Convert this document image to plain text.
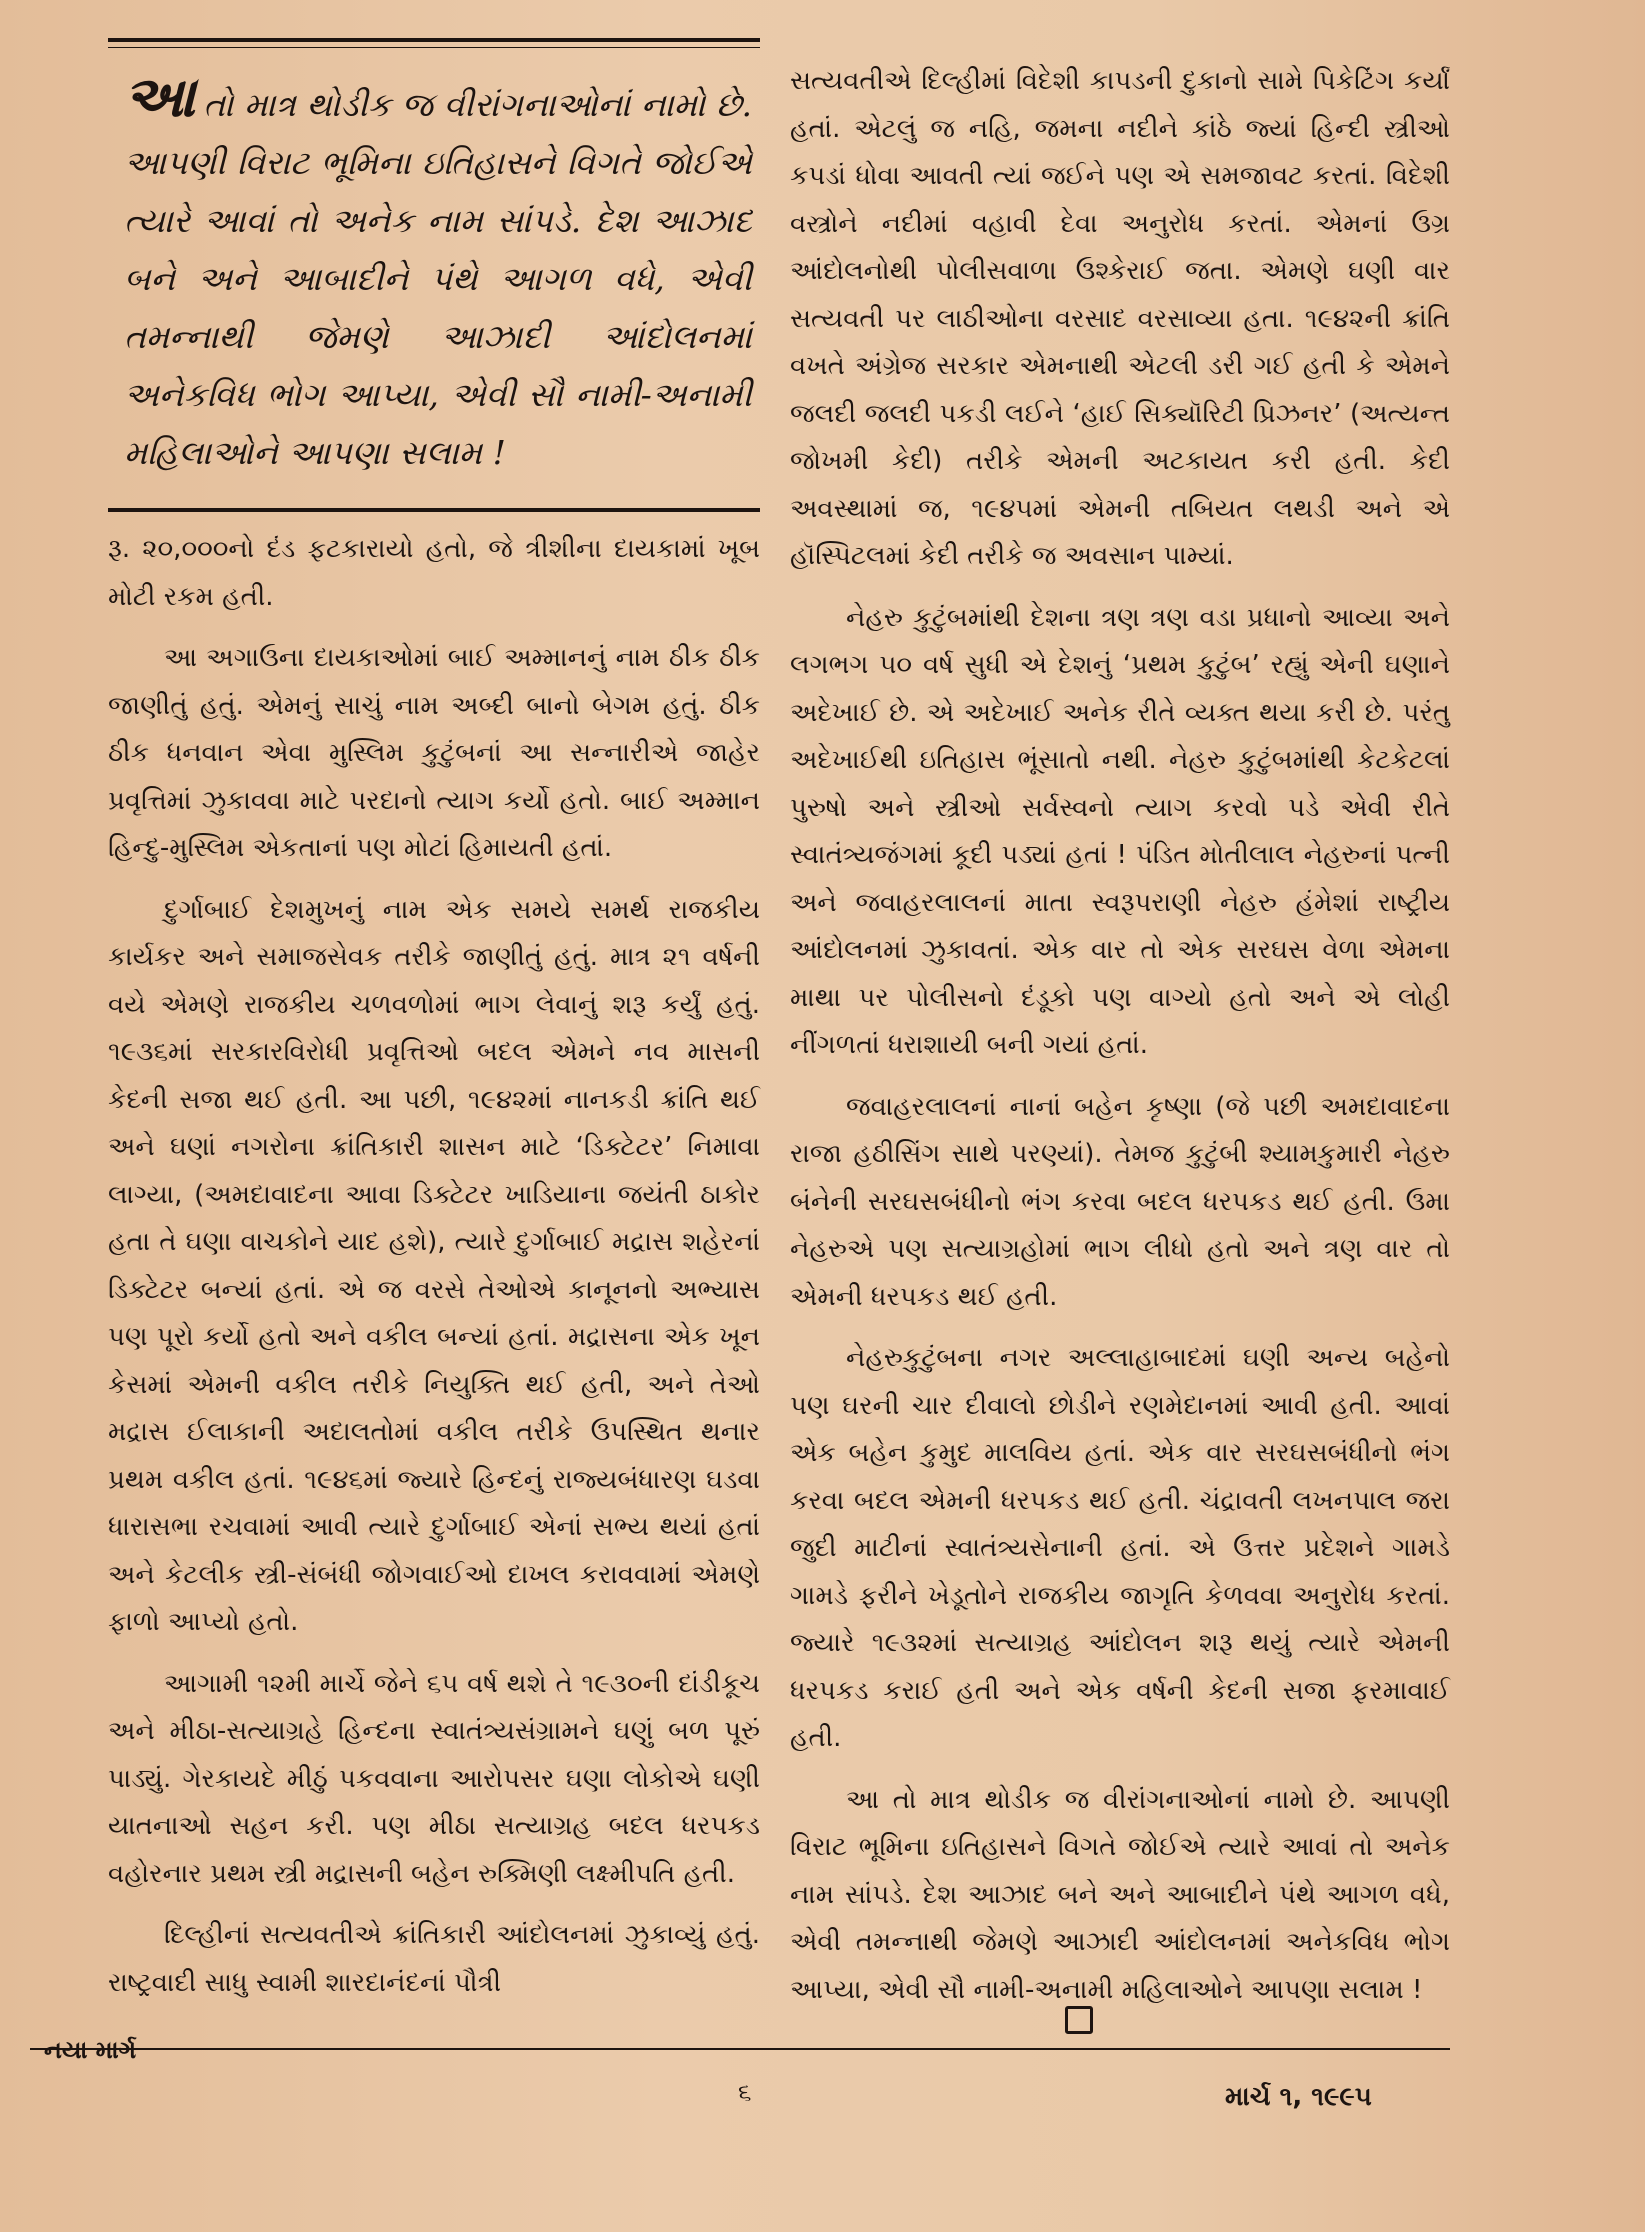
આતો માત્ર થોડીક જ વીરાંગનાઓનાં નામો છે. આપણી વિરાટ ભૂમિના ઇતિહાસને વિગતે જોઈએ ત્યારે આવાં તો અનેક નામ સાંપડે. દેશ આઝાદ બને અને આબાદીને પંથે આગળ વધે, એવી તમન્નાથી જેમણે આઝાદી આંદોલનમાં અનેકવિધ ભોગ આપ્યા, એવી સૌ નામી-અનામી મહિલાઓને આપણા સલામ !

રૂ. ૨૦,૦૦૦નો દંડ ફટકારાયો હતો, જે ત્રીશીના દાયકામાં ખૂબ મોટી રકમ હતી.

આ અગાઉના દાયકાઓમાં બાઈ અમ્માનનું નામ ઠીક ઠીક જાણીતું હતું. એમનું સાચું નામ અબ્દી બાનો બેગમ હતું. ઠીક ઠીક ધનવાન એવા મુસ્લિમ કુટુંબનાં આ સન્નારીએ જાહેર પ્રવૃત્તિમાં ઝુકાવવા માટે પરદાનો ત્યાગ કર્યો હતો. બાઈ અમ્માન હિન્દુ-મુસ્લિમ એકતાનાં પણ મોટાં હિમાયતી હતાં.

દુર્ગાબાઈ દેશમુખનું નામ એક સમયે સમર્થ રાજકીય કાર્યકર અને સમાજસેવક તરીકે જાણીતું હતું. માત્ર ૨૧ વર્ષની વયે એમણે રાજકીય ચળવળોમાં ભાગ લેવાનું શરૂ કર્યું હતું. ૧૯૩૬માં સરકારવિરોધી પ્રવૃત્તિઓ બદલ એમને નવ માસની કેદની સજા થઈ હતી. આ પછી, ૧૯૪૨માં નાનકડી ક્રાંતિ થઈ અને ઘણાં નગરોના ક્રાંતિકારી શાસન માટે ‘ડિક્ટેટર’ નિમાવા લાગ્યા, (અમદાવાદના આવા ડિક્ટેટર ખાડિયાના જયંતી ઠાકોર હતા તે ઘણા વાચકોને યાદ હશે), ત્યારે દુર્ગાબાઈ મદ્રાસ શહેરનાં ડિક્ટેટર બન્યાં હતાં. એ જ વરસે તેઓએ કાનૂનનો અભ્યાસ પણ પૂરો કર્યો હતો અને વકીલ બન્યાં હતાં. મદ્રાસના એક ખૂન કેસમાં એમની વકીલ તરીકે નિયુક્તિ થઈ હતી, અને તેઓ મદ્રાસ ઈલાકાની અદાલતોમાં વકીલ તરીકે ઉપસ્થિત થનાર પ્રથમ વકીલ હતાં. ૧૯૪૬માં જ્યારે હિન્દનું રાજ્યબંધારણ ઘડવા ધારાસભા રચવામાં આવી ત્યારે દુર્ગાબાઈ એનાં સભ્ય થયાં હતાં અને કેટલીક સ્ત્રી-સંબંધી જોગવાઈઓ દાખલ કરાવવામાં એમણે ફાળો આપ્યો હતો.

આગામી ૧૨મી માર્ચે જેને ૬૫ વર્ષ થશે તે ૧૯૩૦ની દાંડીકૂચ અને મીઠા-સત્યાગ્રહે હિન્દના સ્વાતંત્ર્યસંગ્રામને ઘણું બળ પૂરું પાડ્યું. ગેરકાયદે મીઠું પકવવાના આરોપસર ઘણા લોકોએ ઘણી યાતનાઓ સહન કરી. પણ મીઠા સત્યાગ્રહ બદલ ધરપકડ વહોરનાર પ્રથમ સ્ત્રી મદ્રાસની બહેન રુક્મિણી લક્ષ્મીપતિ હતી.

દિલ્હીનાં સત્યવતીએ ક્રાંતિકારી આંદોલનમાં ઝુકાવ્યું હતું. રાષ્ટ્રવાદી સાધુ સ્વામી શારદાનંદનાં પૌત્રી

સત્યવતીએ દિલ્હીમાં વિદેશી કાપડની દુકાનો સામે પિકેટિંગ કર્યાં હતાં. એટલું જ નહિ, જમના નદીને કાંઠે જ્યાં હિન્દી સ્ત્રીઓ કપડાં ધોવા આવતી ત્યાં જઈને પણ એ સમજાવટ કરતાં. વિદેશી વસ્ત્રોને નદીમાં વહાવી દેવા અનુરોધ કરતાં. એમનાં ઉગ્ર આંદોલનોથી પોલીસવાળા ઉશ્કેરાઈ જતા. એમણે ઘણી વાર સત્યવતી પર લાઠીઓના વરસાદ વરસાવ્યા હતા. ૧૯૪૨ની ક્રાંતિ વખતે અંગ્રેજ સરકાર એમનાથી એટલી ડરી ગઈ હતી કે એમને જલદી જલદી પકડી લઈને ‘હાઈ સિક્યૉરિટી પ્રિઝનર’ (અત્યન્ત જોખમી કેદી) તરીકે એમની અટકાયત કરી હતી. કેદી અવસ્થામાં જ, ૧૯૪૫માં એમની તબિયત લથડી અને એ હૉસ્પિટલમાં કેદી તરીકે જ અવસાન પામ્યાં.

નેહરુ કુટુંબમાંથી દેશના ત્રણ ત્રણ વડા પ્રધાનો આવ્યા અને લગભગ ૫૦ વર્ષ સુધી એ દેશનું ‘પ્રથમ કુટુંબ’ રહ્યું એની ઘણાને અદેખાઈ છે. એ અદેખાઈ અનેક રીતે વ્યક્ત થયા કરી છે. પરંતુ અદેખાઈથી ઇતિહાસ ભૂંસાતો નથી. નેહરુ કુટુંબમાંથી કેટકેટલાં પુરુષો અને સ્ત્રીઓ સર્વસ્વનો ત્યાગ કરવો પડે એવી રીતે સ્વાતંત્ર્યજંગમાં કૂદી પડ્યાં હતાં ! પંડિત મોતીલાલ નેહરુનાં પત્ની અને જવાહરલાલનાં માતા સ્વરૂપરાણી નેહરુ હંમેશાં રાષ્ટ્રીય આંદોલનમાં ઝુકાવતાં. એક વાર તો એક સરઘસ વેળા એમના માથા પર પોલીસનો દંડૂકો પણ વાગ્યો હતો અને એ લોહી નીંગળતાં ધરાશાયી બની ગયાં હતાં.

જવાહરલાલનાં નાનાં બહેન કૃષ્ણા (જે પછી અમદાવાદના રાજા હઠીસિંગ સાથે પરણ્યાં). તેમજ કુટુંબી શ્યામકુમારી નેહરુ બંનેની સરઘસબંધીનો ભંગ કરવા બદલ ધરપકડ થઈ હતી. ઉમા નેહરુએ પણ સત્યાગ્રહોમાં ભાગ લીધો હતો અને ત્રણ વાર તો એમની ધરપકડ થઈ હતી.

નેહરુકુટુંબના નગર અલ્લાહાબાદમાં ઘણી અન્ય બહેનો પણ ઘરની ચાર દીવાલો છોડીને રણમેદાનમાં આવી હતી. આવાં એક બહેન કુમુદ માલવિય હતાં. એક વાર સરઘસબંધીનો ભંગ કરવા બદલ એમની ધરપકડ થઈ હતી. ચંદ્રાવતી લખનપાલ જરા જુદી માટીનાં સ્વાતંત્ર્યસેનાની હતાં. એ ઉત્તર પ્રદેશને ગામડે ગામડે ફરીને ખેડૂતોને રાજકીય જાગૃતિ કેળવવા અનુરોધ કરતાં. જ્યારે ૧૯૩૨માં સત્યાગ્રહ આંદોલન શરૂ થયું ત્યારે એમની ધરપકડ કરાઈ હતી અને એક વર્ષની કેદની સજા ફરમાવાઈ હતી.

આ તો માત્ર થોડીક જ વીરાંગનાઓનાં નામો છે. આપણી વિરાટ ભૂમિના ઇતિહાસને વિગતે જોઈએ ત્યારે આવાં તો અનેક નામ સાંપડે. દેશ આઝાદ બને અને આબાદીને પંથે આગળ વધે, એવી તમન્નાથી જેમણે આઝાદી આંદોલનમાં અનેકવિધ ભોગ આપ્યા, એવી સૌ નામી-અનામી મહિલાઓને આપણા સલામ !

નયા માર્ગ
૬	માર્ચ ૧, ૧૯૯૫
